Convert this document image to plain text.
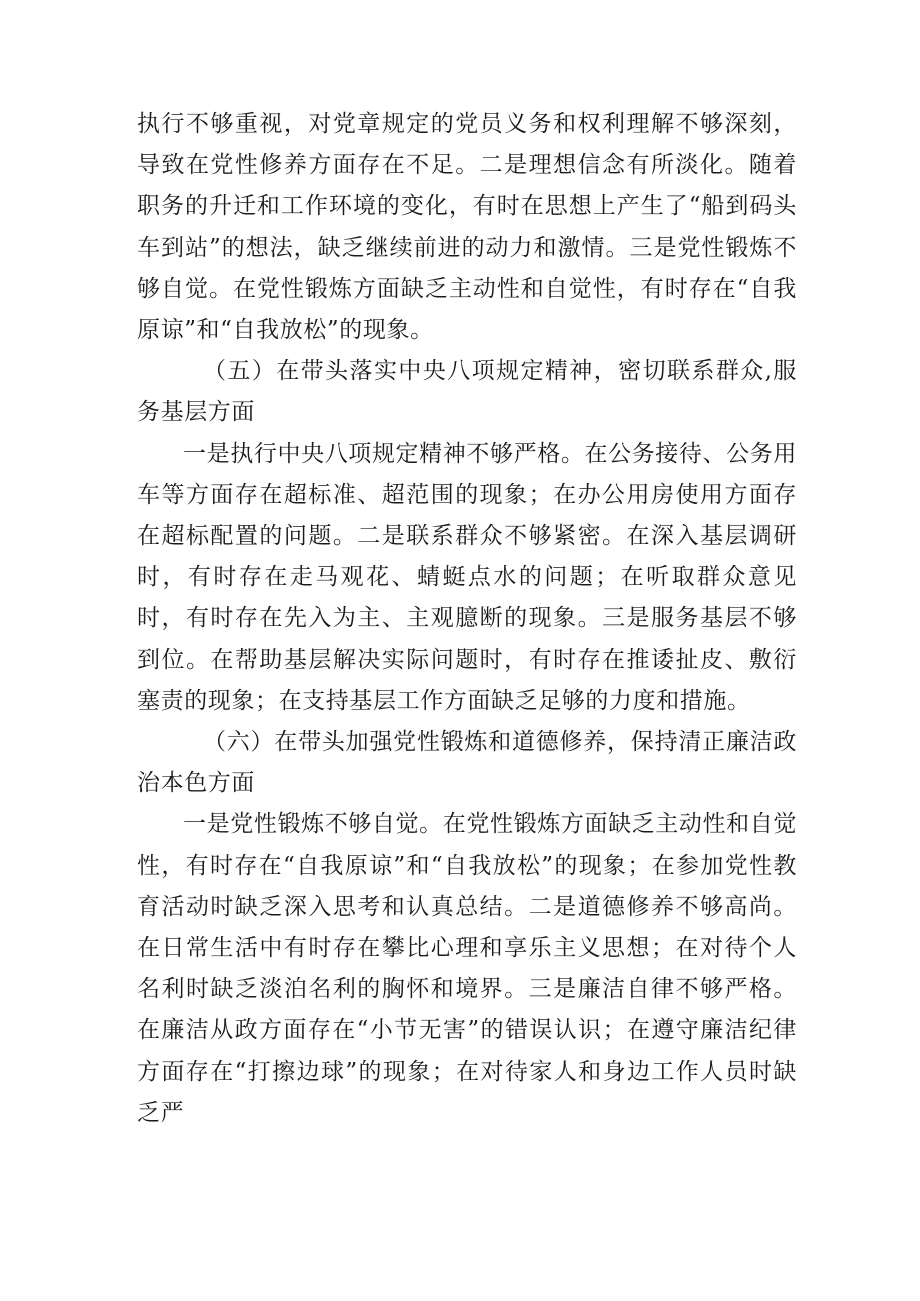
执行不够重视，对党章规定的党员义务和权利理解不够深刻，导致在党性修养方面存在不足。二是理想信念有所淡化。随着职务的升迁和工作环境的变化，有时在思想上产生了“船到码头车到站”的想法，缺乏继续前进的动力和激情。三是党性锻炼不够自觉。在党性锻炼方面缺乏主动性和自觉性，有时存在“自我原谅”和“自我放松”的现象。

（五）在带头落实中央八项规定精神，密切联系群众,服务基层方面

一是执行中央八项规定精神不够严格。在公务接待、公务用车等方面存在超标准、超范围的现象；在办公用房使用方面存在超标配置的问题。二是联系群众不够紧密。在深入基层调研时，有时存在走马观花、蜻蜓点水的问题；在听取群众意见时，有时存在先入为主、主观臆断的现象。三是服务基层不够到位。在帮助基层解决实际问题时，有时存在推诿扯皮、敷衍塞责的现象；在支持基层工作方面缺乏足够的力度和措施。

（六）在带头加强党性锻炼和道德修养，保持清正廉洁政治本色方面

一是党性锻炼不够自觉。在党性锻炼方面缺乏主动性和自觉性，有时存在“自我原谅”和“自我放松”的现象；在参加党性教育活动时缺乏深入思考和认真总结。二是道德修养不够高尚。在日常生活中有时存在攀比心理和享乐主义思想；在对待个人名利时缺乏淡泊名利的胸怀和境界。三是廉洁自律不够严格。在廉洁从政方面存在“小节无害”的错误认识；在遵守廉洁纪律方面存在“打擦边球”的现象；在对待家人和身边工作人员时缺乏严
